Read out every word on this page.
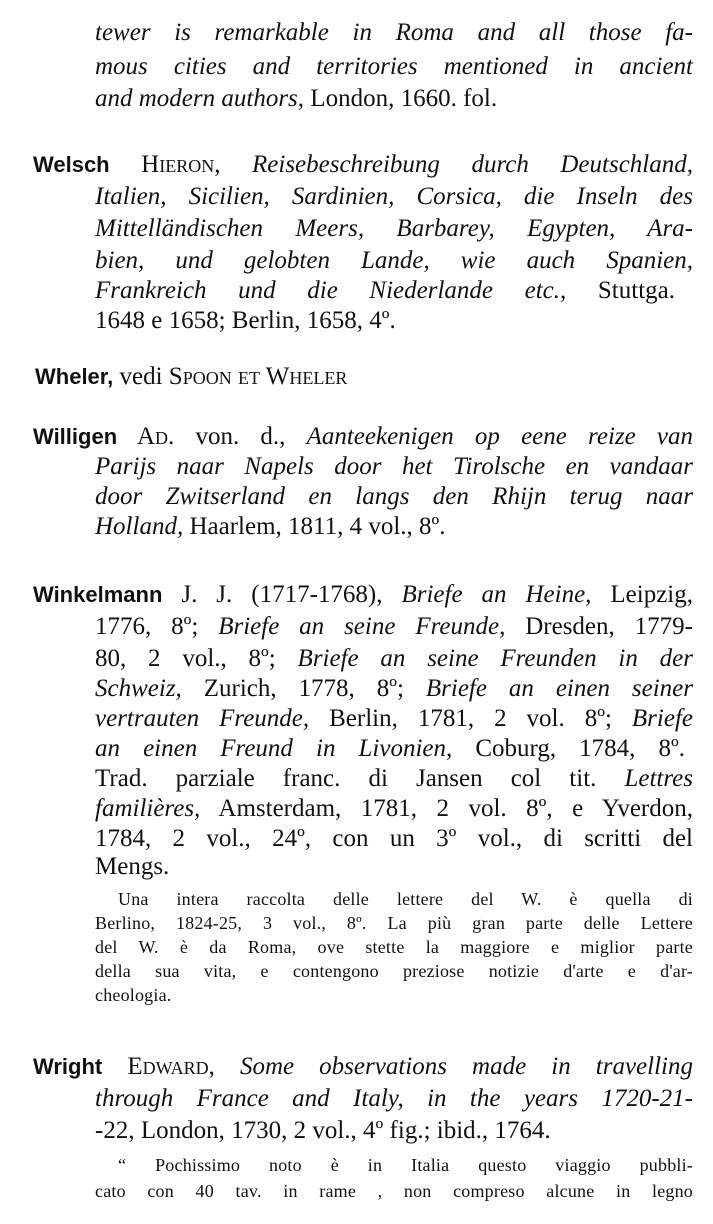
tewer is remarkable in Roma and all those fa-
mous cities and territories mentioned in ancient
and modern authors, London, 1660. fol.
Welsch Hieron, Reisebeschreibung durch Deutschland,
Italien, Sicilien, Sardinien, Corsica, die Inseln des
Mittelländischen Meers, Barbarey, Egypten, Ara-
bien, und gelobten Lande, wie auch Spanien,
Frankreich und die Niederlande etc., Stuttga.
1648 e 1658; Berlin, 1658, 4º.
Wheler, vedi Spoon et Wheler
Willigen Ad. von. d., Aanteekenigen op eene reize van
Parijs naar Napels door het Tirolsche en vandaar
door Zwitserland en langs den Rhijn terug naar
Holland, Haarlem, 1811, 4 vol., 8º.
Winkelmann J. J. (1717-1768), Briefe an Heine, Leipzig,
1776, 8º; Briefe an seine Freunde, Dresden, 1779-
80, 2 vol., 8º; Briefe an seine Freunden in der
Schweiz, Zurich, 1778, 8º; Briefe an einen seiner
vertrauten Freunde, Berlin, 1781, 2 vol. 8º; Briefe
an einen Freund in Livonien, Coburg, 1784, 8º.
Trad. parziale franc. di Jansen col tit. Lettres
familières, Amsterdam, 1781, 2 vol. 8º, e Yverdon,
1784, 2 vol., 24º, con un 3º vol., di scritti del
Mengs.
Una intera raccolta delle lettere del W. è quella di
Berlino, 1824-25, 3 vol., 8º. La più gran parte delle Lettere
del W. è da Roma, ove stette la maggiore e miglior parte
della sua vita, e contengono preziose notizie d'arte e d'ar-
cheologia.
Wright Edward, Some observations made in travelling
through France and Italy, in the years 1720-21-
-22, London, 1730, 2 vol., 4º fig.; ibid., 1764.
“ Pochissimo noto è in Italia questo viaggio pubbli-
cato con 40 tav. in rame , non compreso alcune in legno
